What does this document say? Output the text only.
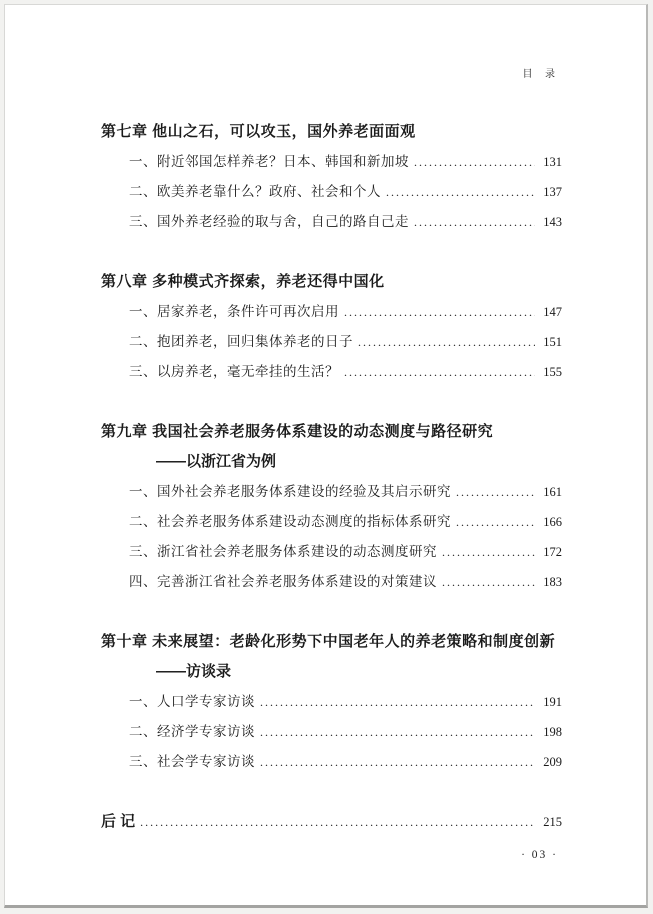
目 录
第七章 他山之石，可以攻玉，国外养老面面观
一、附近邻国怎样养老？日本、韩国和新加坡 .....	131
二、欧美养老靠什么？政府、社会和个人 .....	137
三、国外养老经验的取与舍，自己的路自己走 .....	143
第八章 多种模式齐探索，养老还得中国化
一、居家养老，条件许可再次启用 .....	147
二、抱团养老，回归集体养老的日子 .....	151
三、以房养老，毫无牵挂的生活？ .....	155
第九章 我国社会养老服务体系建设的动态测度与路径研究
——以浙江省为例
一、国外社会养老服务体系建设的经验及其启示研究 .....	161
二、社会养老服务体系建设动态测度的指标体系研究 .....	166
三、浙江省社会养老服务体系建设的动态测度研究 .....	172
四、完善浙江省社会养老服务体系建设的对策建议 .....	183
第十章 未来展望：老龄化形势下中国老年人的养老策略和制度创新
——访谈录
一、人口学专家访谈 .....	191
二、经济学专家访谈 .....	198
三、社会学专家访谈 .....	209
后 记 .....	215
· 03 ·
